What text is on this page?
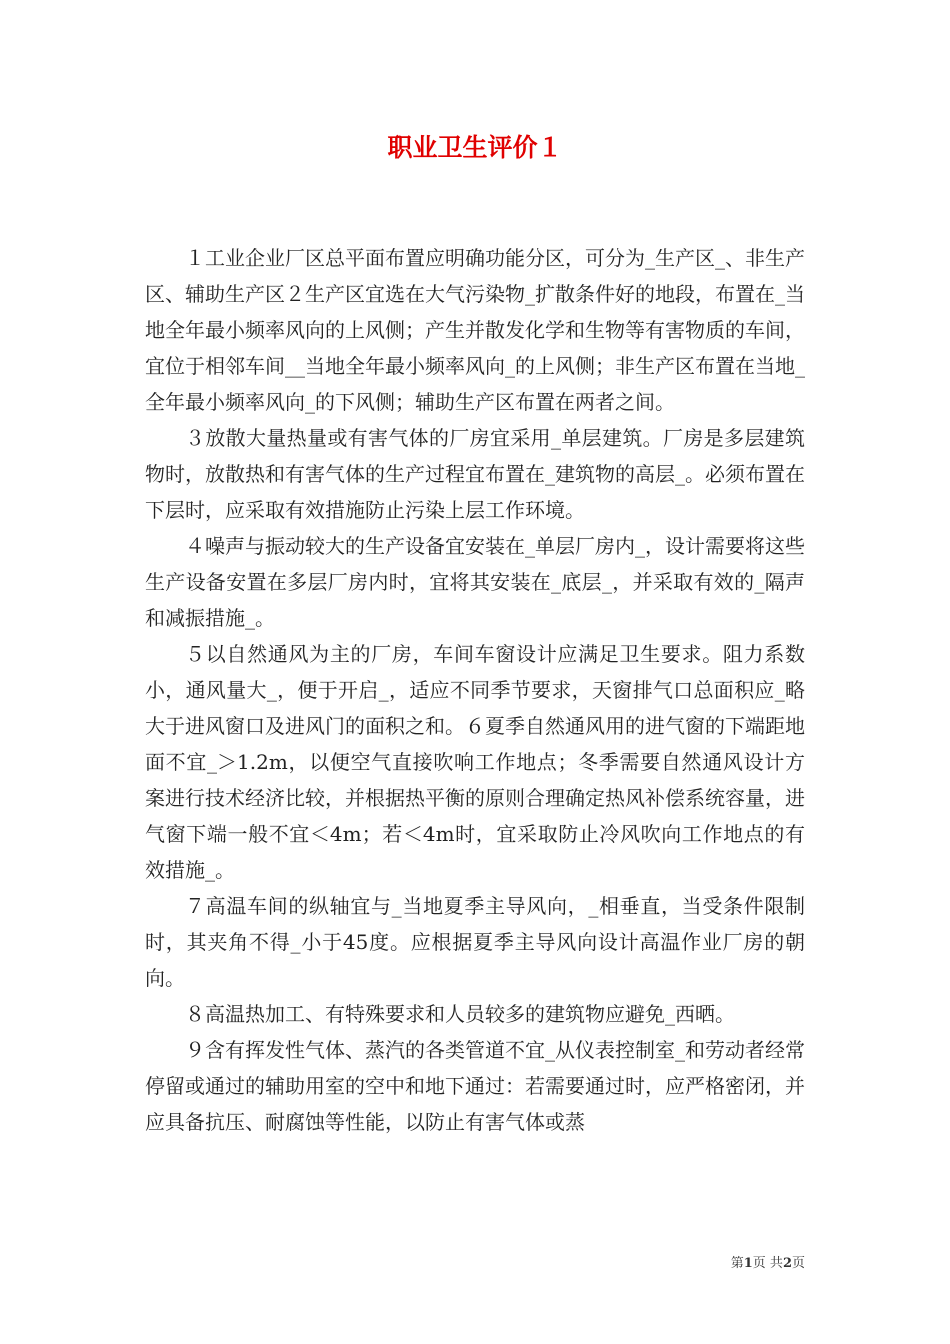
职业卫生评价１

１工业企业厂区总平面布置应明确功能分区，可分为_生产区_、非生产区、辅助生产区２生产区宜选在大气污染物_扩散条件好的地段，布置在_当地全年最小频率风向的上风侧；产生并散发化学和生物等有害物质的车间，宜位于相邻车间__当地全年最小频率风向_的上风侧；非生产区布置在当地_全年最小频率风向_的下风侧；辅助生产区布置在两者之间。

３放散大量热量或有害气体的厂房宜采用_单层建筑。厂房是多层建筑物时，放散热和有害气体的生产过程宜布置在_建筑物的高层_。必须布置在下层时，应采取有效措施防止污染上层工作环境。

４噪声与振动较大的生产设备宜安装在_单层厂房内_，设计需要将这些生产设备安置在多层厂房内时，宜将其安装在_底层_，并采取有效的_隔声和减振措施_。

５以自然通风为主的厂房，车间车窗设计应满足卫生要求。阻力系数小，通风量大_，便于开启_，适应不同季节要求，天窗排气口总面积应_略大于进风窗口及进风门的面积之和。６夏季自然通风用的进气窗的下端距地面不宜_＞1.2m，以便空气直接吹响工作地点；冬季需要自然通风设计方案进行技术经济比较，并根据热平衡的原则合理确定热风补偿系统容量，进气窗下端一般不宜＜4m；若＜4m时，宜采取防止冷风吹向工作地点的有效措施_。

７高温车间的纵轴宜与_当地夏季主导风向，_相垂直，当受条件限制时，其夹角不得_小于45度。应根据夏季主导风向设计高温作业厂房的朝向。

８高温热加工、有特殊要求和人员较多的建筑物应避免_西晒。

９含有挥发性气体、蒸汽的各类管道不宜_从仪表控制室_和劳动者经常停留或通过的辅助用室的空中和地下通过：若需要通过时，应严格密闭，并应具备抗压、耐腐蚀等性能，以防止有害气体或蒸

第1页 共2页
